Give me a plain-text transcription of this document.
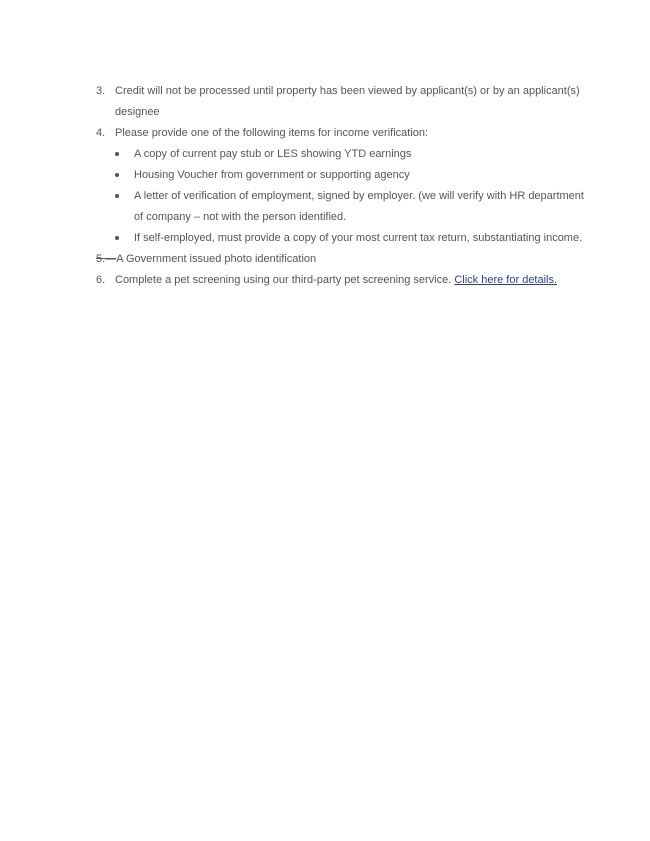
3. Credit will not be processed until property has been viewed by applicant(s) or by an applicant(s) designee
4. Please provide one of the following items for income verification:
A copy of current pay stub or LES showing YTD earnings
Housing Voucher from government or supporting agency
A letter of verification of employment, signed by employer. (we will verify with HR department of company – not with the person identified.
If self-employed, must provide a copy of your most current tax return, substantiating income.
5.—A Government issued photo identification
6. Complete a pet screening using our third-party pet screening service. Click here for details.
